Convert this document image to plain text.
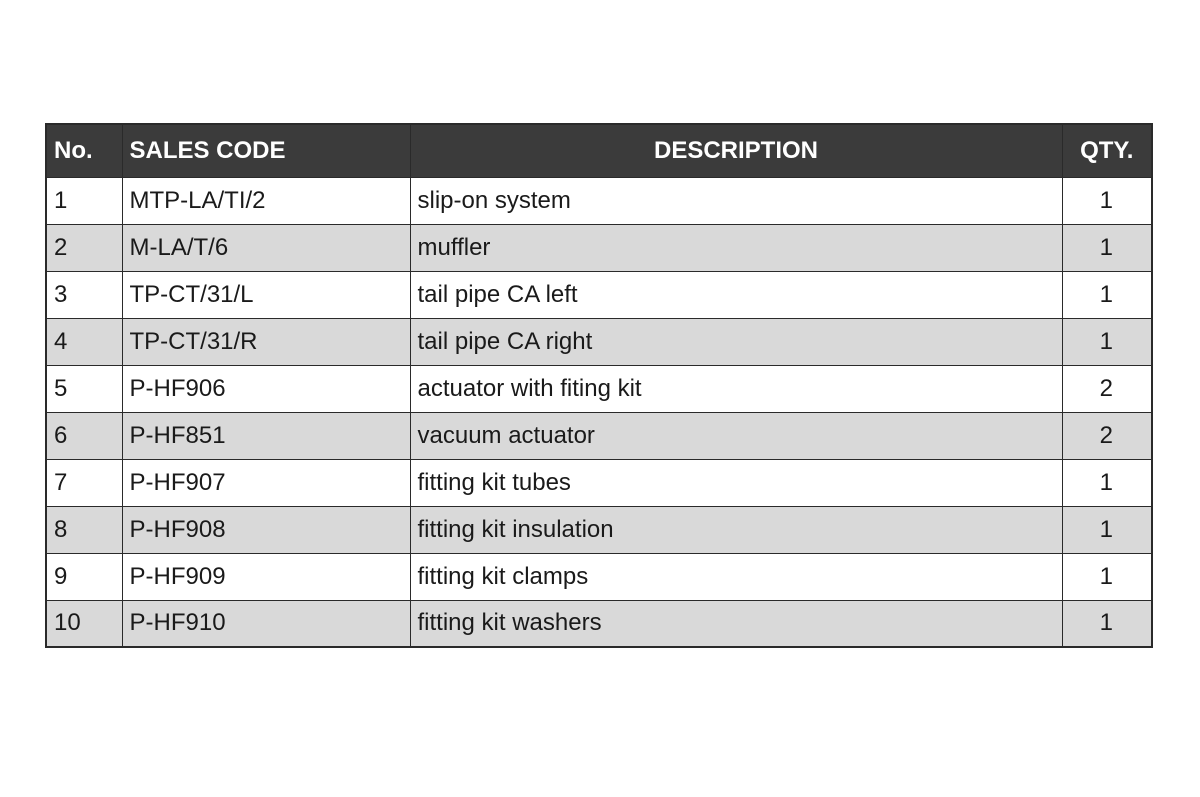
No.	SALES CODE	DESCRIPTION	QTY.
1	MTP-LA/TI/2	slip-on system	1
2	M-LA/T/6	muffler	1
3	TP-CT/31/L	tail pipe CA left	1
4	TP-CT/31/R	tail pipe CA right	1
5	P-HF906	actuator with fiting kit	2
6	P-HF851	vacuum actuator	2
7	P-HF907	fitting kit tubes	1
8	P-HF908	fitting kit insulation	1
9	P-HF909	fitting kit clamps	1
10	P-HF910	fitting kit washers	1
